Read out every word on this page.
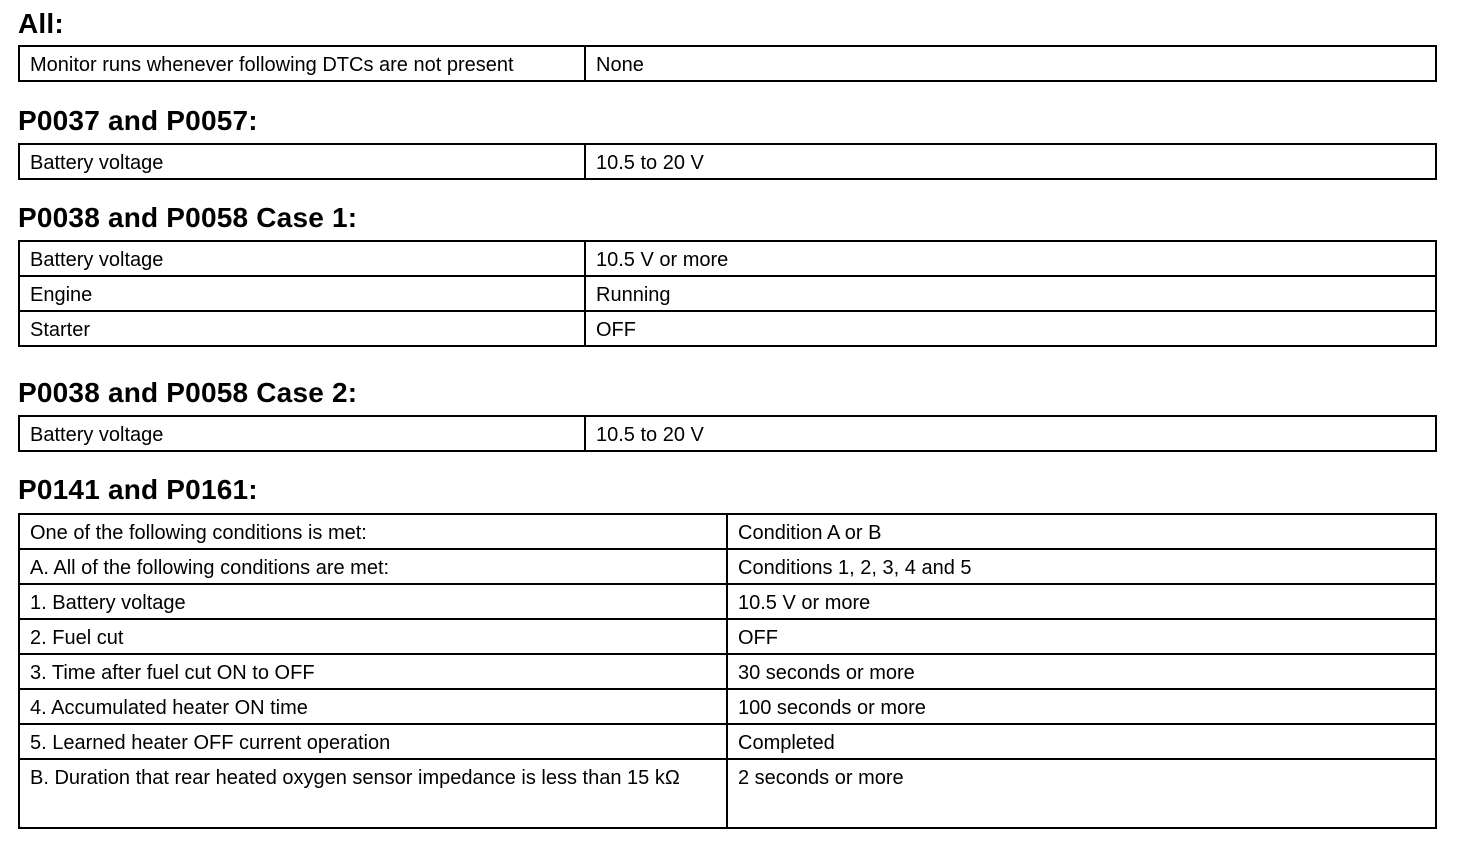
All:
Monitor runs whenever following DTCs are not present	None
P0037 and P0057:
Battery voltage	10.5 to 20 V
P0038 and P0058 Case 1:
Battery voltage	10.5 V or more
Engine	Running
Starter	OFF
P0038 and P0058 Case 2:
Battery voltage	10.5 to 20 V
P0141 and P0161:
One of the following conditions is met:	Condition A or B
A. All of the following conditions are met:	Conditions 1, 2, 3, 4 and 5
1. Battery voltage	10.5 V or more
2. Fuel cut	OFF
3. Time after fuel cut ON to OFF	30 seconds or more
4. Accumulated heater ON time	100 seconds or more
5. Learned heater OFF current operation	Completed
B. Duration that rear heated oxygen sensor impedance is less than 15 kΩ	2 seconds or more
